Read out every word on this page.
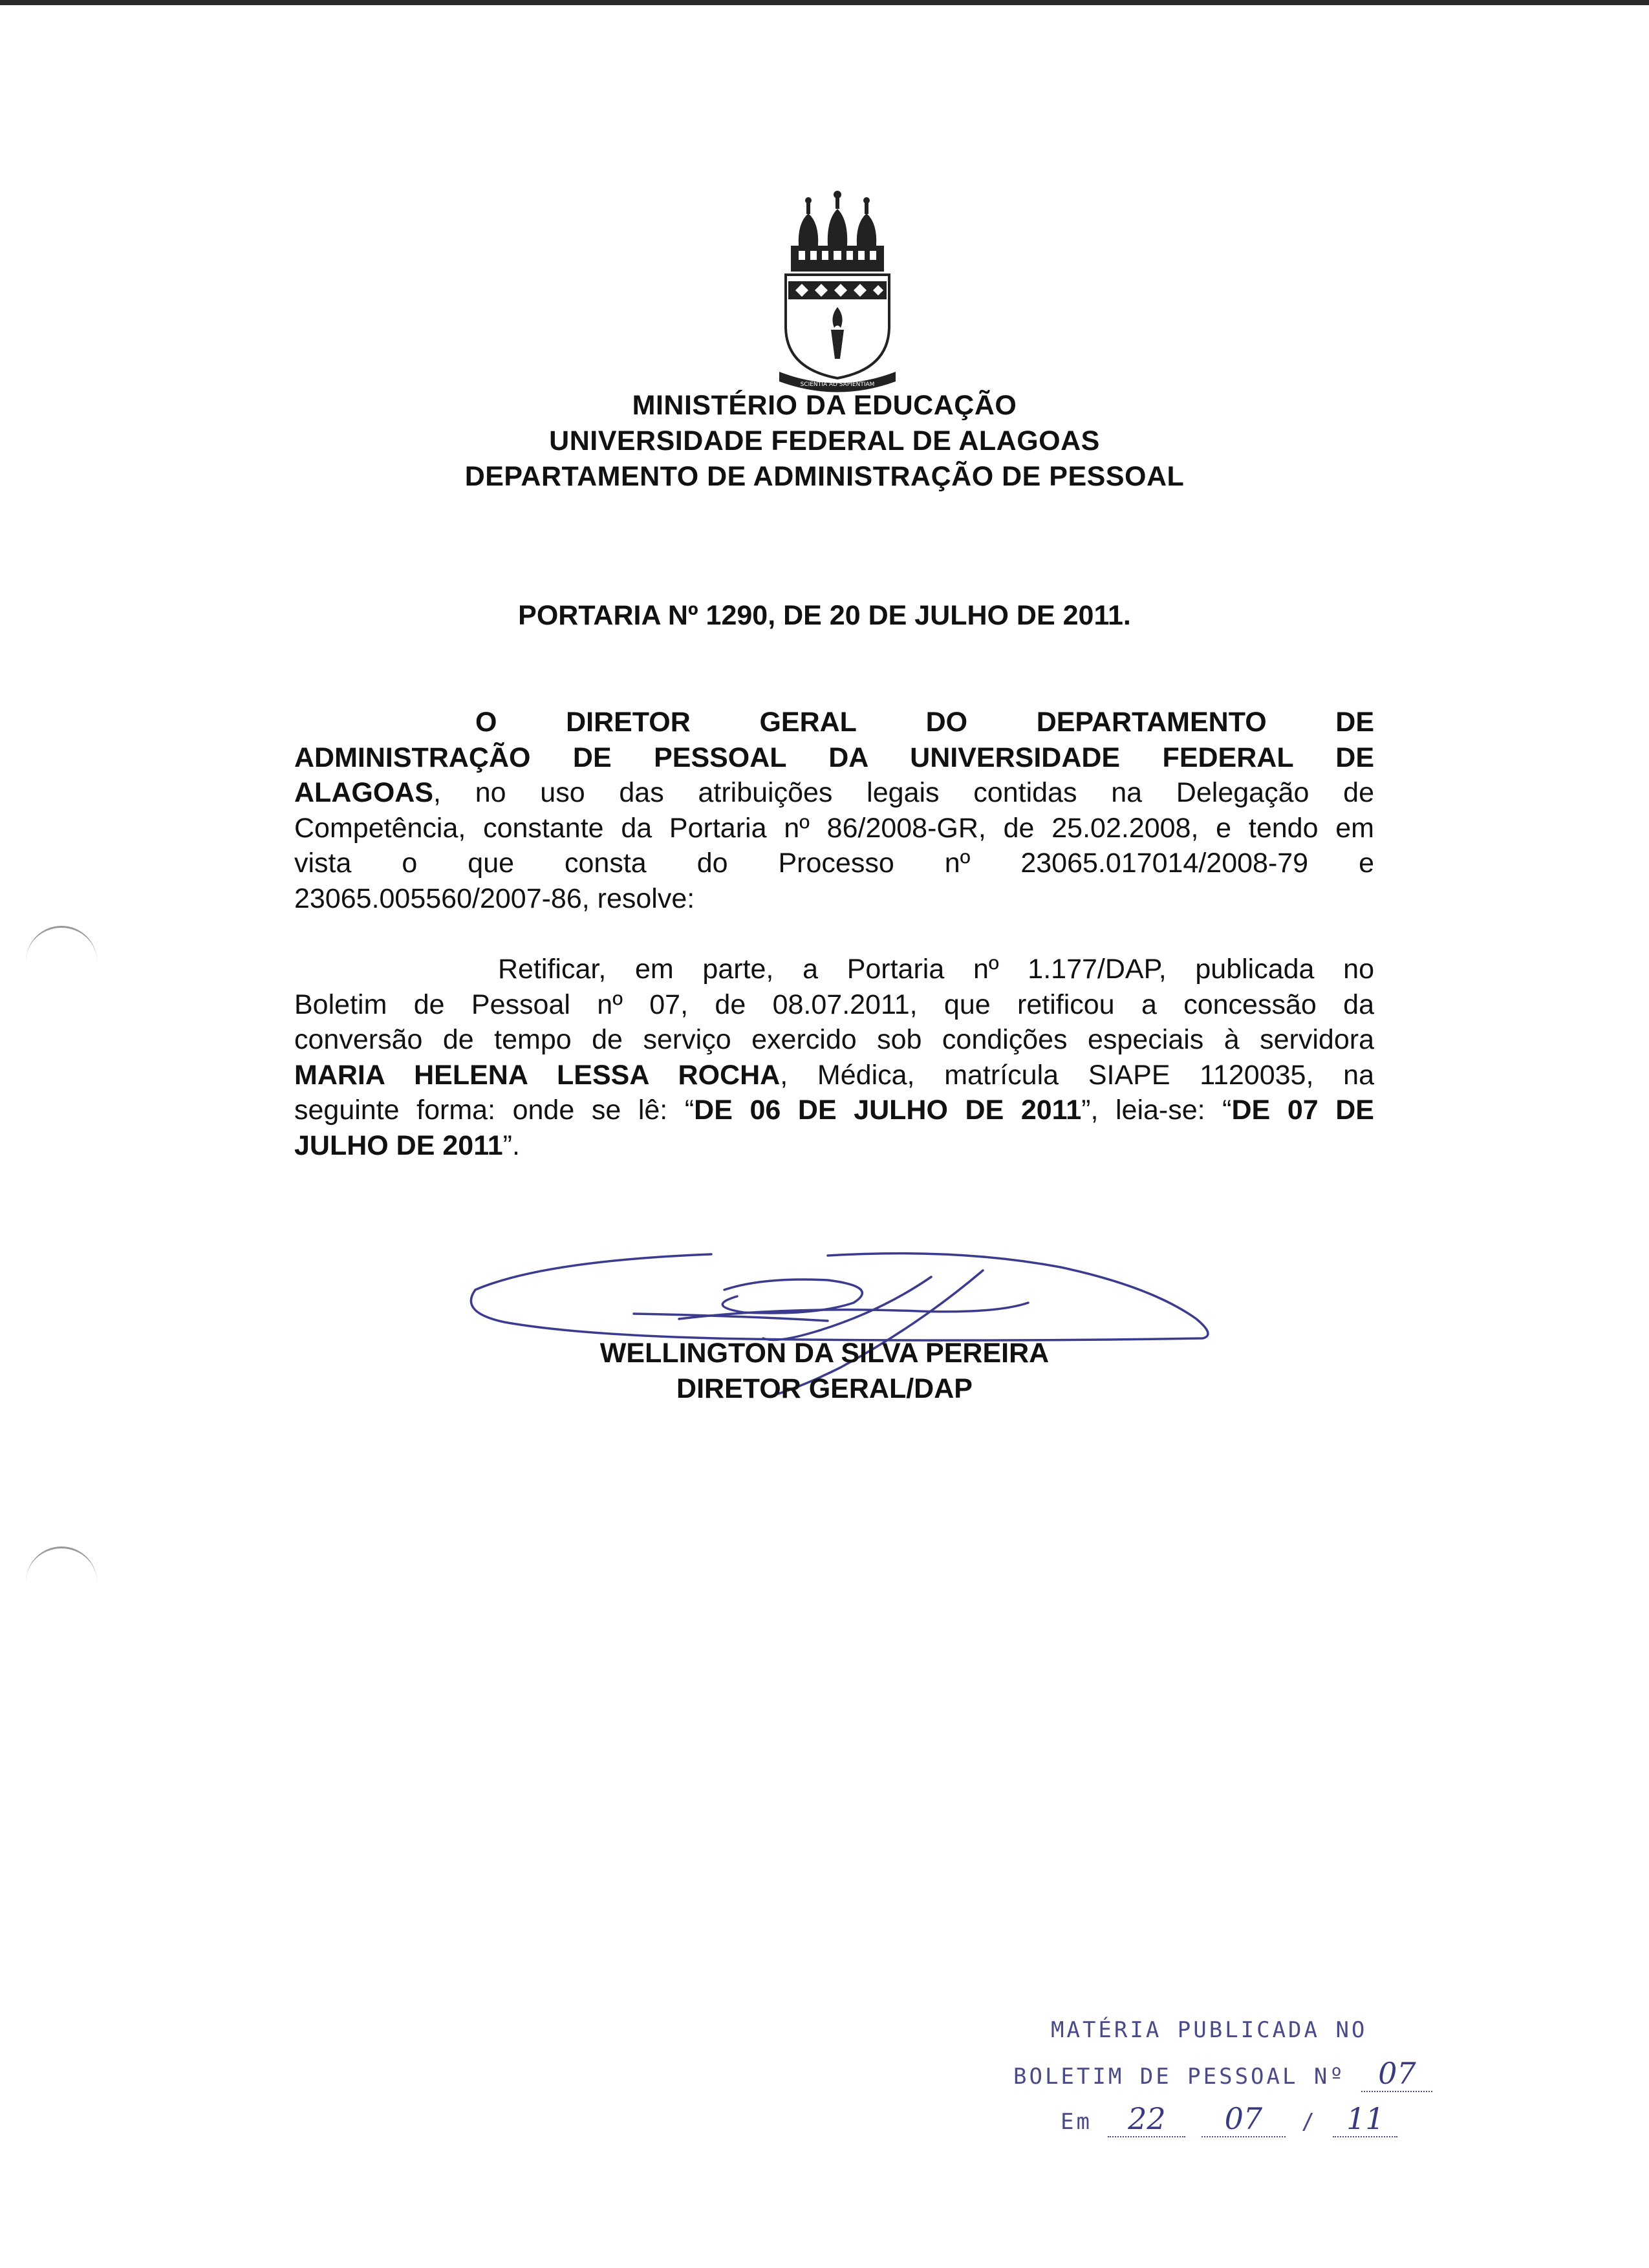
SCIENTIA AD SAPIENTIAM
MINISTÉRIO DA EDUCAÇÃO
UNIVERSIDADE FEDERAL DE ALAGOAS
DEPARTAMENTO DE ADMINISTRAÇÃO DE PESSOAL
PORTARIA Nº 1290, DE 20 DE JULHO DE 2011.
O DIRETOR GERAL DO DEPARTAMENTO DE
ADMINISTRAÇÃO DE PESSOAL DA UNIVERSIDADE FEDERAL DE
ALAGOAS, no uso das atribuições legais contidas na Delegação de
Competência, constante da Portaria nº 86/2008-GR, de 25.02.2008, e tendo em
vista o que consta do Processo nº 23065.017014/2008-79 e
23065.005560/2007-86, resolve:
Retificar, em parte, a Portaria nº 1.177/DAP, publicada no
Boletim de Pessoal nº 07, de 08.07.2011, que retificou a concessão da
conversão de tempo de serviço exercido sob condições especiais à servidora
MARIA HELENA LESSA ROCHA, Médica, matrícula SIAPE 1120035, na
seguinte forma: onde se lê: “DE 06 DE JULHO DE 2011”, leia-se: “DE 07 DE
JULHO DE 2011”.
WELLINGTON DA SILVA PEREIRA
DIRETOR GERAL/DAP
MATÉRIA PUBLICADA NO
BOLETIM DE PESSOAL Nº 07
Em 22 07 / 11
